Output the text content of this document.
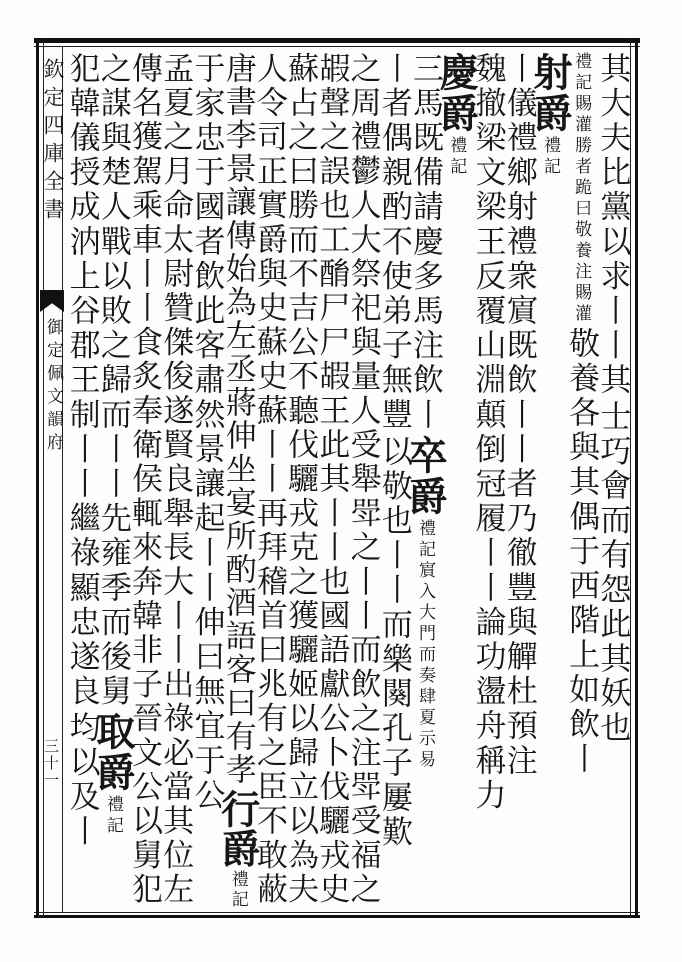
欽定四庫全書
御定佩文韻府
三十一
其大夫比黨以求丨丨其
士巧會而有怨此其妖也
禮記賜灌勝者跪曰敬養注賜灌
敬養各與其偶于西階上如飲丨
射爵
禮記
丨儀禮鄉射禮衆賔既飲丨丨者乃徹豐與觶杜預注
魏撤梁文梁王反覆山淵顛倒冠履丨丨論功盪舟稱力
慶爵
禮記
三馬既備請慶多馬注飲丨
卒爵
禮記賔入大門而奏肆夏示易
丨者偶親酌不使弟子無豐
以敬也丨丨而樂闋孔子屢歎
之周禮鬱人大祭祀與量人受舉斝之丨丨而飲之注斝受福之
嘏聲之誤也工酳尸尸嘏王此其丨丨也國語獻公卜伐驪戎史
蘇占之曰勝而不吉公不聽伐驪戎克之獲驪姬以歸立以為夫
人令司正實爵與史蘇史蘇丨丨再拜稽首曰兆有之臣不敢蔽
唐書李景讓傳始為左丞蔣伸坐宴所酌酒語客曰有孝
行爵
禮記
于家忠于國者飲此客肅然景讓起丨丨伸曰無宜于公
孟夏之月命太尉贊傑俊遂賢良舉長大丨丨出祿必當其位左
傳名獲駕乘車丨丨食炙奉衛侯輒來奔韓非子晉文公以舅犯
之謀與楚人戰以敗之歸而丨丨先雍季而後舅
取爵
禮記
犯韓儀授成汭上谷郡王制丨丨繼祿顯忠遂良
均以及丨
